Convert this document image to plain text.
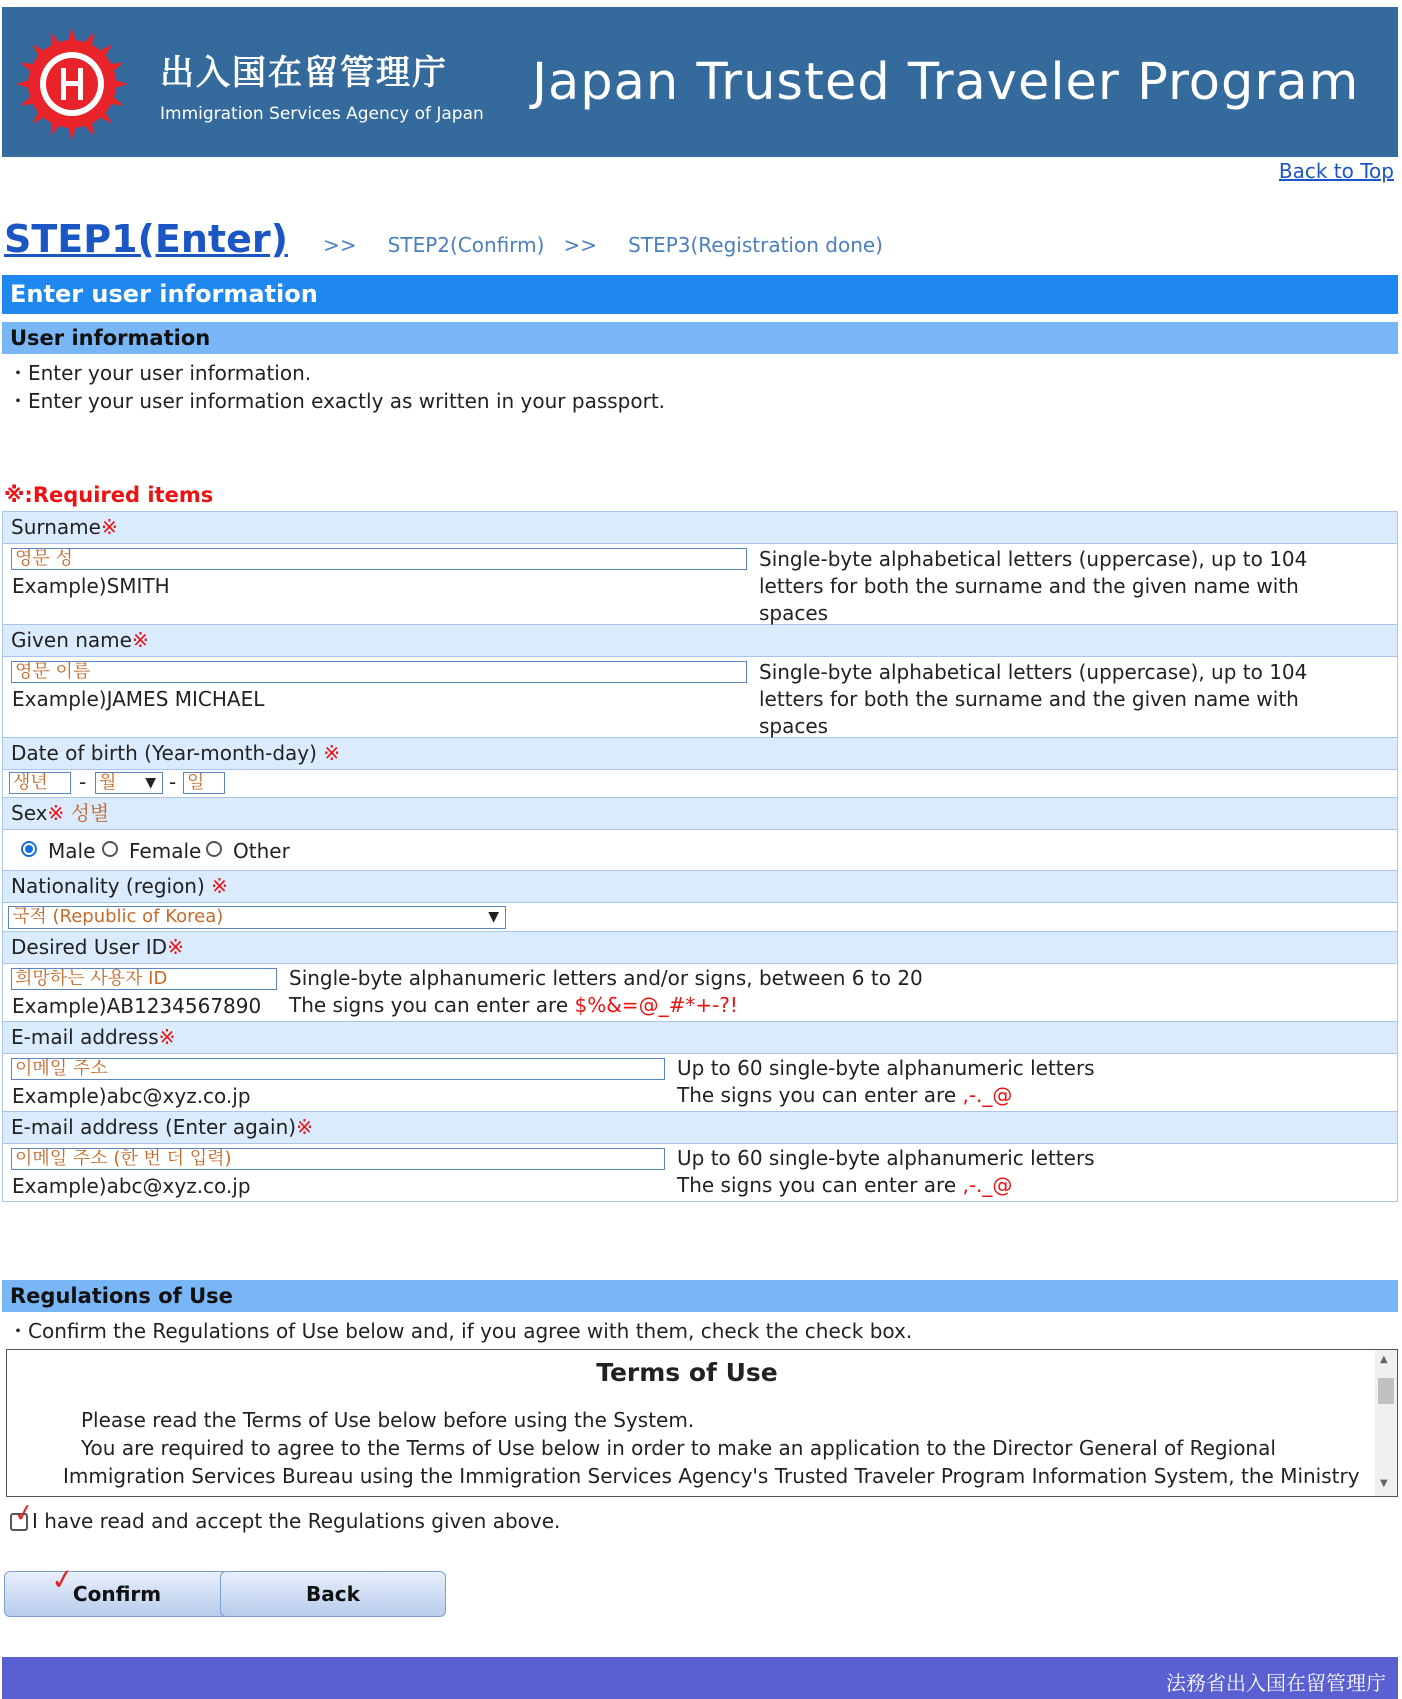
出入国在留管理庁
Immigration Services Agency of Japan
Japan Trusted Traveler Program
Back to Top
STEP1(Enter) >> STEP2(Confirm) >> STEP3(Registration done)
Enter user information
User information
・Enter your user information.
・Enter your user information exactly as written in your passport.
※:Required items
Surname※
영문 성
Example)SMITH
Single-byte alphabetical letters (uppercase), up to 104
letters for both the surname and the given name with
spaces
Given name※
영문 이름
Example)JAMES MICHAEL
Single-byte alphabetical letters (uppercase), up to 104
letters for both the surname and the given name with
spaces
Date of birth (Year-month-day) ※
생년	- 월 ▼ - 일
Sex※ 성별
Male Female Other
Nationality (region) ※
국적 (Republic of Korea)	▼
Desired User ID※
희망하는 사용자 ID
Example)AB1234567890
Single-byte alphanumeric letters and/or signs, between 6 to 20
The signs you can enter are $%&=@_#*+-?!
E-mail address※
이메일 주소
Example)abc@xyz.co.jp
Up to 60 single-byte alphanumeric letters
The signs you can enter are ,-._@
E-mail address (Enter again)※
이메일 주소 (한 번 더 입력)
Example)abc@xyz.co.jp
Up to 60 single-byte alphanumeric letters
The signs you can enter are ,-._@
Regulations of Use
・Confirm the Regulations of Use below and, if you agree with them, check the check box.
Terms of Use
Please read the Terms of Use below before using the System.
You are required to agree to the Terms of Use below in order to make an application to the Director General of Regional
Immigration Services Bureau using the Immigration Services Agency's Trusted Traveler Program Information System, the Ministry
▲
▼
✓
I have read and accept the Regulations given above.
✓
Confirm	Back
法務省出入国在留管理庁
